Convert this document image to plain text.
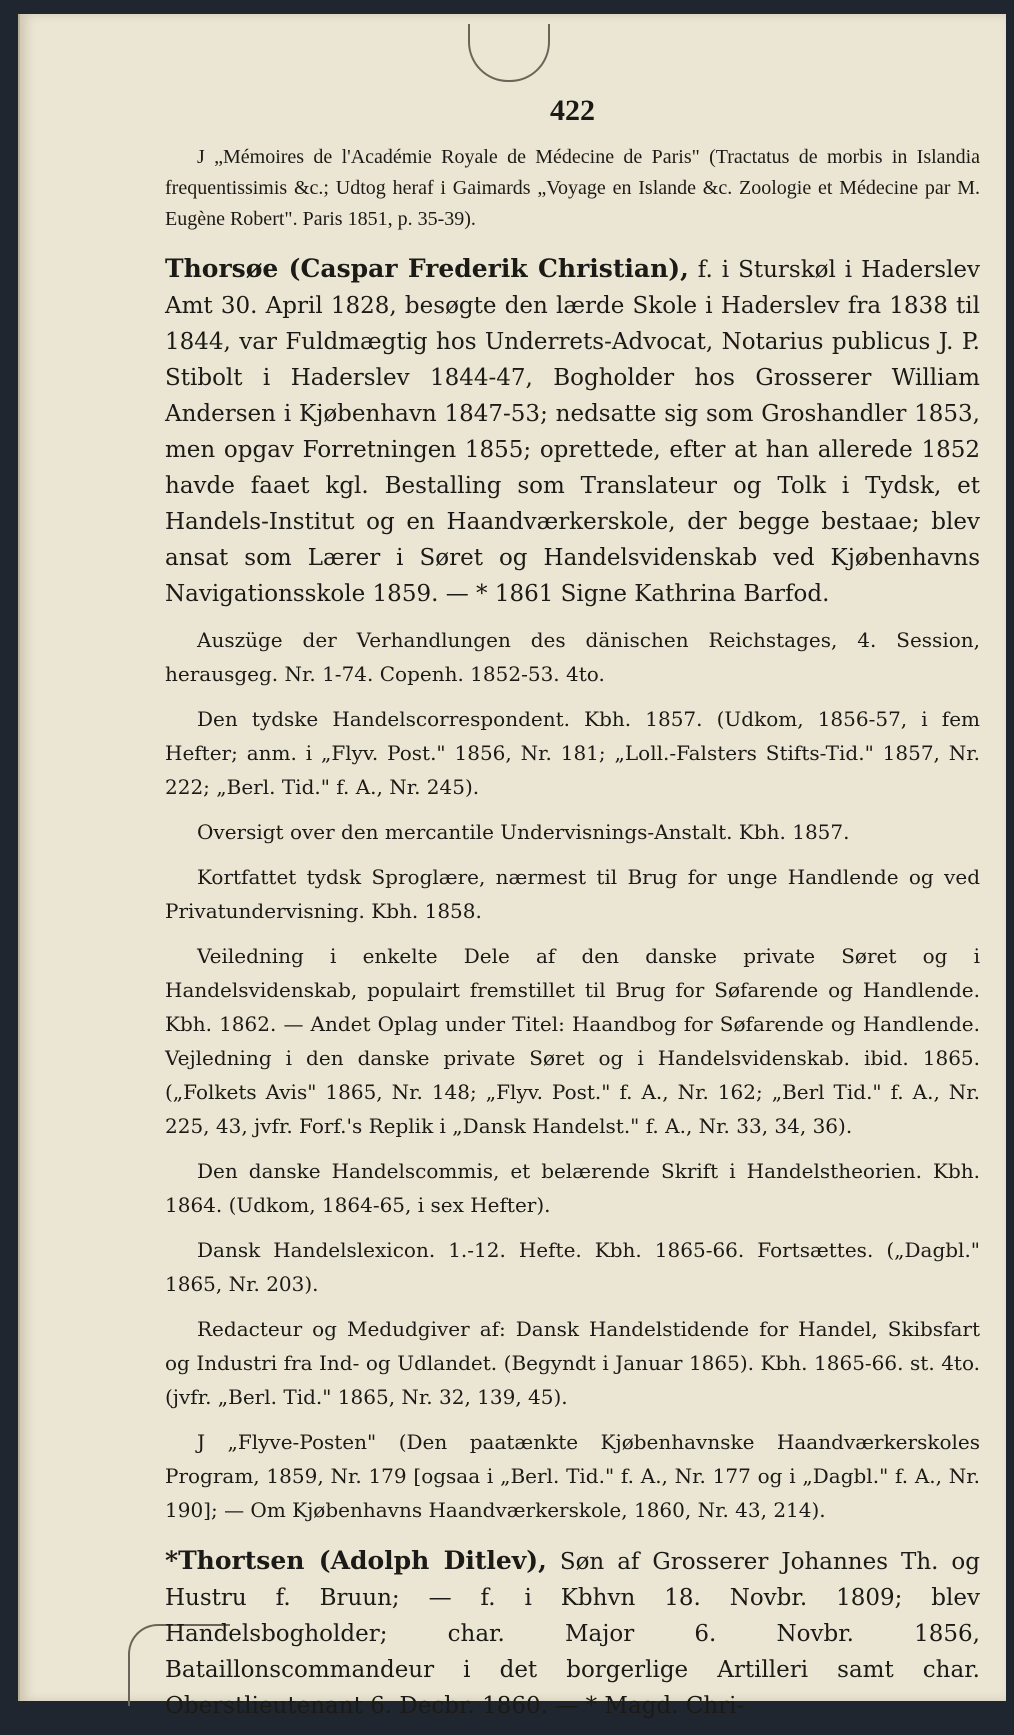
422

J „Mémoires de l'Académie Royale de Médecine de Paris" (Tractatus de morbis in Islandia frequentissimis &c.; Udtog heraf i Gaimards „Voyage en Islande &c. Zoologie et Médecine par M. Eugène Robert". Paris 1851, p. 35-39).

Thorsøe (Caspar Frederik Christian), f. i Sturskøl i Haderslev Amt 30. April 1828, besøgte den lærde Skole i Haderslev fra 1838 til 1844, var Fuldmægtig hos Underrets-Advocat, Notarius publicus J. P. Stibolt i Haderslev 1844-47, Bogholder hos Grosserer William Andersen i Kjøbenhavn 1847-53; nedsatte sig som Groshandler 1853, men opgav Forretningen 1855; oprettede, efter at han allerede 1852 havde faaet kgl. Bestalling som Translateur og Tolk i Tydsk, et Handels-Institut og en Haandværkerskole, der begge bestaae; blev ansat som Lærer i Søret og Handelsvidenskab ved Kjøbenhavns Navigationsskole 1859. — * 1861 Signe Kathrina Barfod.

Auszüge der Verhandlungen des dänischen Reichstages, 4. Session, herausgeg. Nr. 1-74. Copenh. 1852-53. 4to.

Den tydske Handelscorrespondent. Kbh. 1857. (Udkom, 1856-57, i fem Hefter; anm. i „Flyv. Post." 1856, Nr. 181; „Loll.-Falsters Stifts-Tid." 1857, Nr. 222; „Berl. Tid." f. A., Nr. 245).

Oversigt over den mercantile Undervisnings-Anstalt. Kbh. 1857.

Kortfattet tydsk Sproglære, nærmest til Brug for unge Handlende og ved Privatundervisning. Kbh. 1858.

Veiledning i enkelte Dele af den danske private Søret og i Handelsvidenskab, populairt fremstillet til Brug for Søfarende og Handlende. Kbh. 1862. — Andet Oplag under Titel: Haandbog for Søfarende og Handlende. Vejledning i den danske private Søret og i Handelsvidenskab. ibid. 1865. („Folkets Avis" 1865, Nr. 148; „Flyv. Post." f. A., Nr. 162; „Berl Tid." f. A., Nr. 225, 43, jvfr. Forf.'s Replik i „Dansk Handelst." f. A., Nr. 33, 34, 36).

Den danske Handelscommis, et belærende Skrift i Handelstheorien. Kbh. 1864. (Udkom, 1864-65, i sex Hefter).

Dansk Handelslexicon. 1.-12. Hefte. Kbh. 1865-66. Fortsættes. („Dagbl." 1865, Nr. 203).

Redacteur og Medudgiver af: Dansk Handelstidende for Handel, Skibsfart og Industri fra Ind- og Udlandet. (Begyndt i Januar 1865). Kbh. 1865-66. st. 4to. (jvfr. „Berl. Tid." 1865, Nr. 32, 139, 45).

J „Flyve-Posten" (Den paatænkte Kjøbenhavnske Haandværkerskoles Program, 1859, Nr. 179 [ogsaa i „Berl. Tid." f. A., Nr. 177 og i „Dagbl." f. A., Nr. 190]; — Om Kjøbenhavns Haandværkerskole, 1860, Nr. 43, 214).

*Thortsen (Adolph Ditlev), Søn af Grosserer Johannes Th. og Hustru f. Bruun; — f. i Kbhvn 18. Novbr. 1809; blev Handelsbogholder; char. Major 6. Novbr. 1856, Bataillonscommandeur i det borgerlige Artilleri samt char. Oberstlieutenant 6. Decbr. 1860. — * Magd. Chri-
